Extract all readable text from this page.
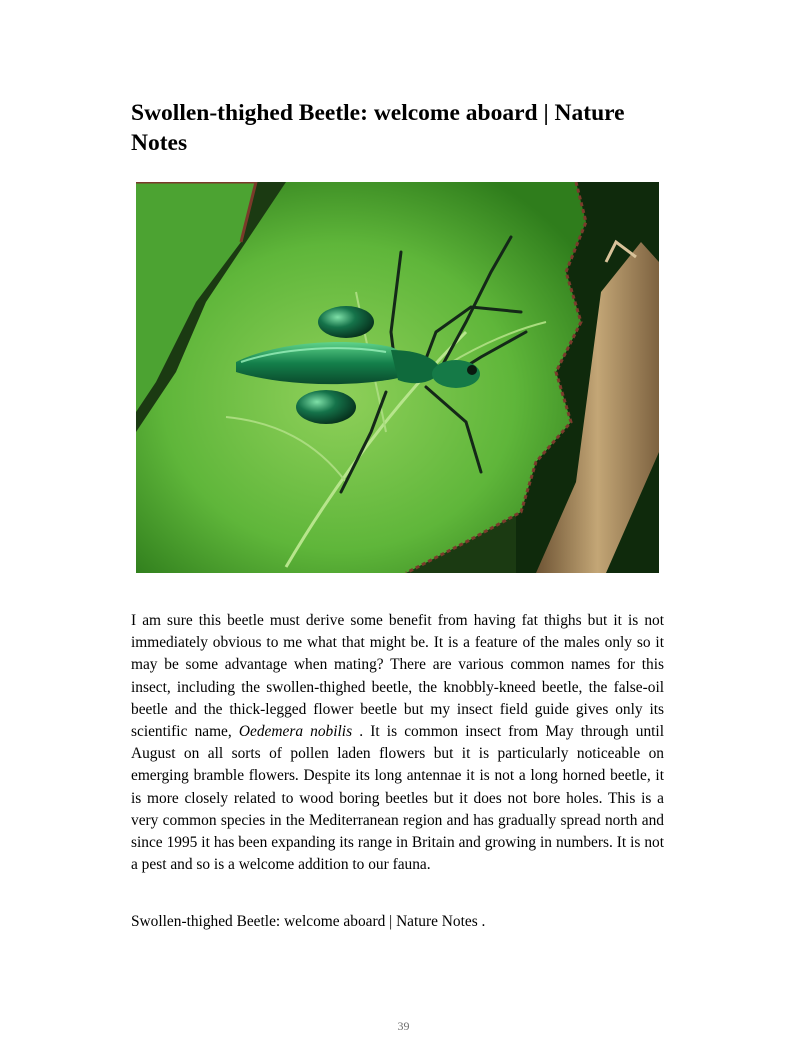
Swollen-thighed Beetle: welcome aboard | Nature Notes

I am sure this beetle must derive some benefit from having fat thighs but it is not immediately obvious to me what that might be. It is a feature of the males only so it may be some advantage when mating? There are various common names for this insect, including the swollen-thighed beetle, the knobbly-kneed beetle, the false-oil beetle and the thick-legged flower beetle but my insect field guide gives only its scientific name, Oedemera nobilis . It is common insect from May through until August on all sorts of pollen laden flowers but it is particularly noticeable on emerging bramble flowers. Despite its long antennae it is not a long horned beetle, it is more closely related to wood boring beetles but it does not bore holes. This is a very common species in the Mediterranean region and has gradually spread north and since 1995 it has been expanding its range in Britain and growing in numbers. It is not a pest and so is a welcome addition to our fauna.

Swollen-thighed Beetle: welcome aboard | Nature Notes .

39
